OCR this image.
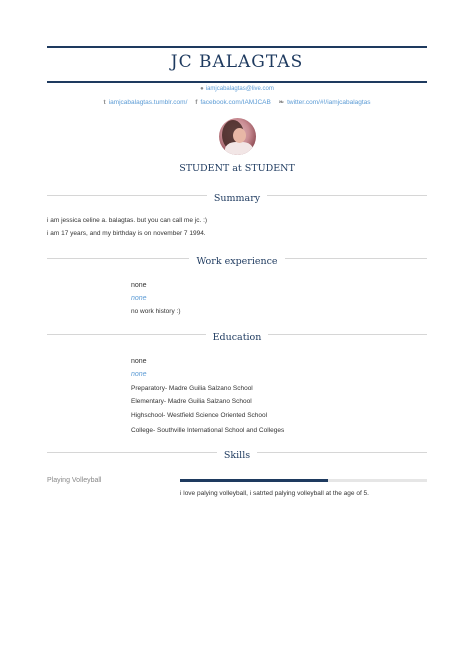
JC BALAGTAS
● iamjcabalagtas@live.com
t iamjcabalagtas.tumblr.com/ f facebook.com/IAMJCAB ❧ twitter.com/#!/iamjcabalagtas
STUDENT at STUDENT
Summary
i am jessica celine a. balagtas. but you can call me jc. :)
i am 17 years, and my birthday is on november 7 1994.
Work experience
none
none
no work history :)
Education
none
none
Preparatory- Madre Guilia Salzano School
Elementary- Madre Guilia Salzano School
Highschool- Westfield Science Oriented School
College- Southville International School and Colleges
Skills
Playing Volleyball
i love palying volleyball, i satrted palying volleyball at the age of 5.
